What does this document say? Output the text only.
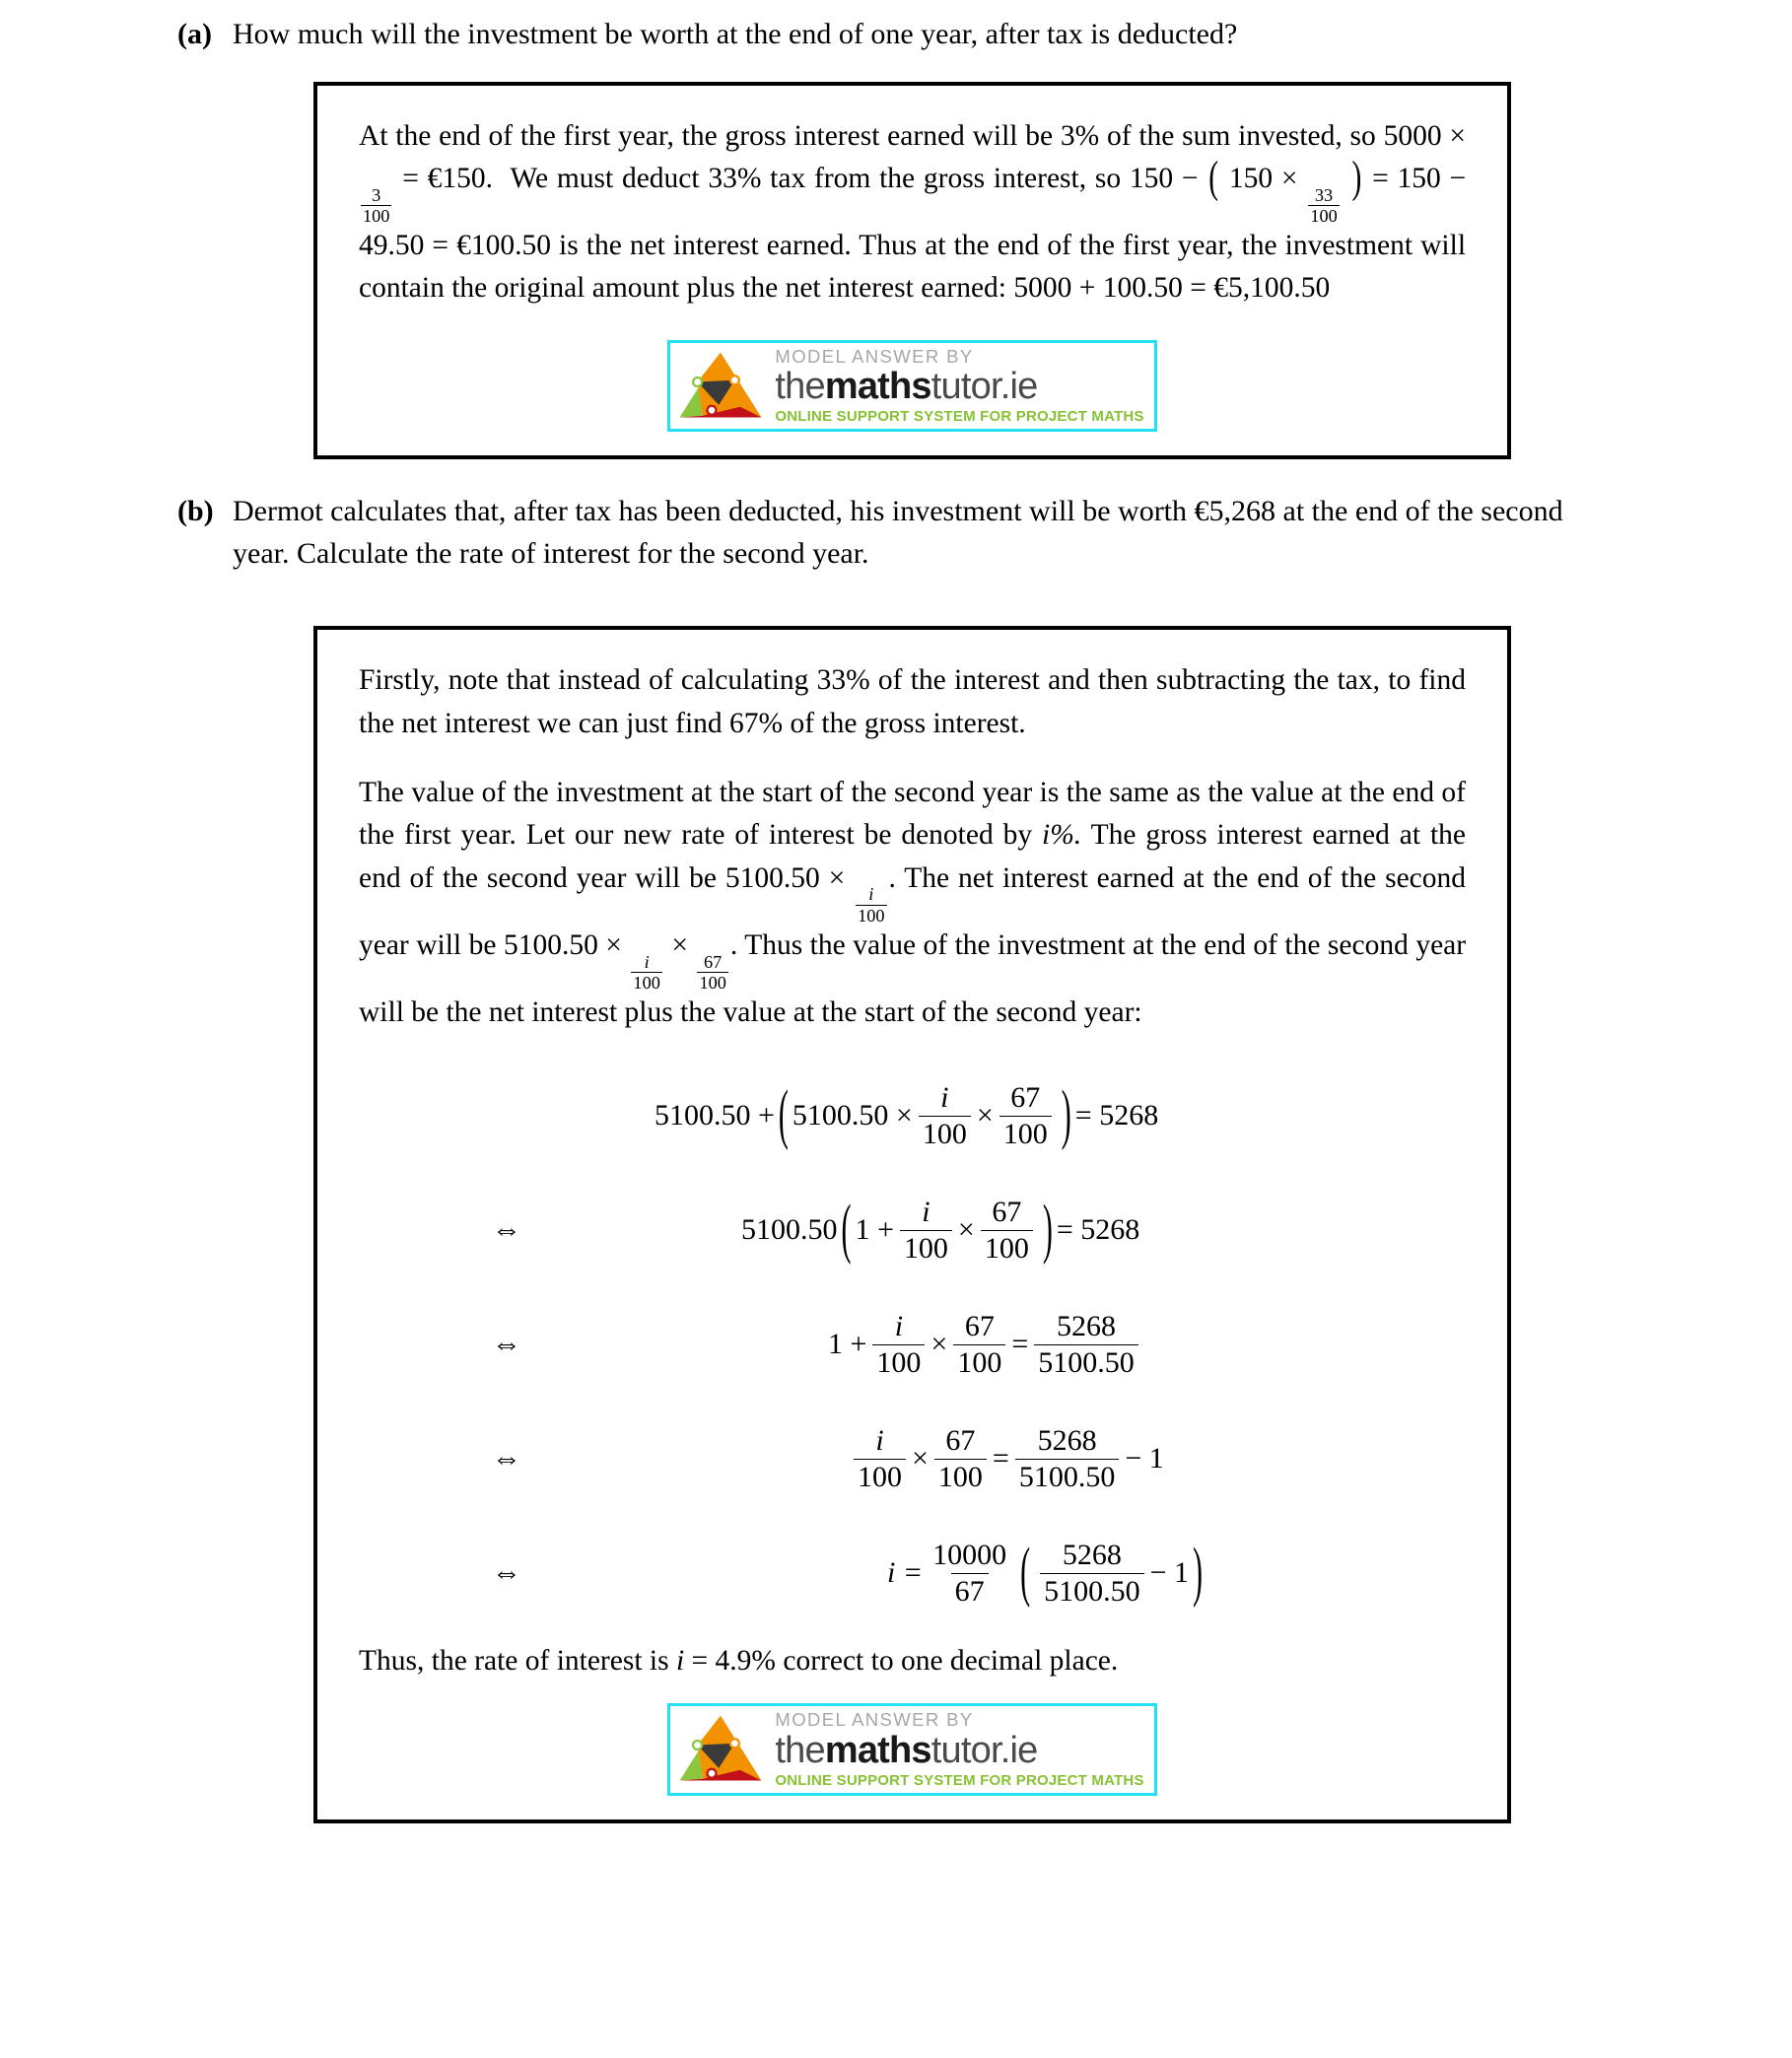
(a) How much will the investment be worth at the end of one year, after tax is deducted?
At the end of the first year, the gross interest earned will be 3% of the sum invested, so 5000 ×
$\frac{3}{100}$
= €150. We must deduct 33% tax from the gross interest, so 150 − ( 150 ×
$\frac{33}{100}$
) = 150 − 49.50 = €100.50 is the net interest earned. Thus at the end of the first year, the investment will contain the original amount plus the net interest earned: 5000 + 100.50 = €5,100.50
MODEL ANSWER BY
themathstutor.ie
ONLINE SUPPORT SYSTEM FOR PROJECT MATHS
(b) Dermot calculates that, after tax has been deducted, his investment will be worth €5,268 at the end of the second year. Calculate the rate of interest for the second year.
Firstly, note that instead of calculating 33% of the interest and then subtracting the tax, to find the net interest we can just find 67% of the gross interest.
The value of the investment at the start of the second year is the same as the value at the end of the first year. Let our new rate of interest be denoted by i%. The gross interest earned at the end of the second year will be 5100.50 ×
$\frac{i}{100}$
. The net interest earned at the end of the second year will be 5100.50 ×
$\frac{i}{100}$
×
$\frac{67}{100}$
. Thus the value of the investment at the end of the second year will be the net interest plus the value at the start of the second year:
5100.50 + ( $5100.50 \times \frac{i}{100} \times \frac{67}{100}$ ) =
5268
⇔	5100.50 ( $1 + \frac{i}{100} \times \frac{67}{100}$ ) =
5268
⇔	$1 + \frac{i}{100} \times \frac{67}{100} = \frac{5268}{5100.50}$
⇔	$\frac{i}{100} \times \frac{67}{100} = \frac{5268}{5100.50} - 1$
⇔	$i = \frac{10000}{67}$ ( $\frac{5268}{5100.50} - 1$ )
Thus, the rate of interest is i = 4.9% correct to one decimal place.
MODEL ANSWER BY
themathstutor.ie
ONLINE SUPPORT SYSTEM FOR PROJECT MATHS
